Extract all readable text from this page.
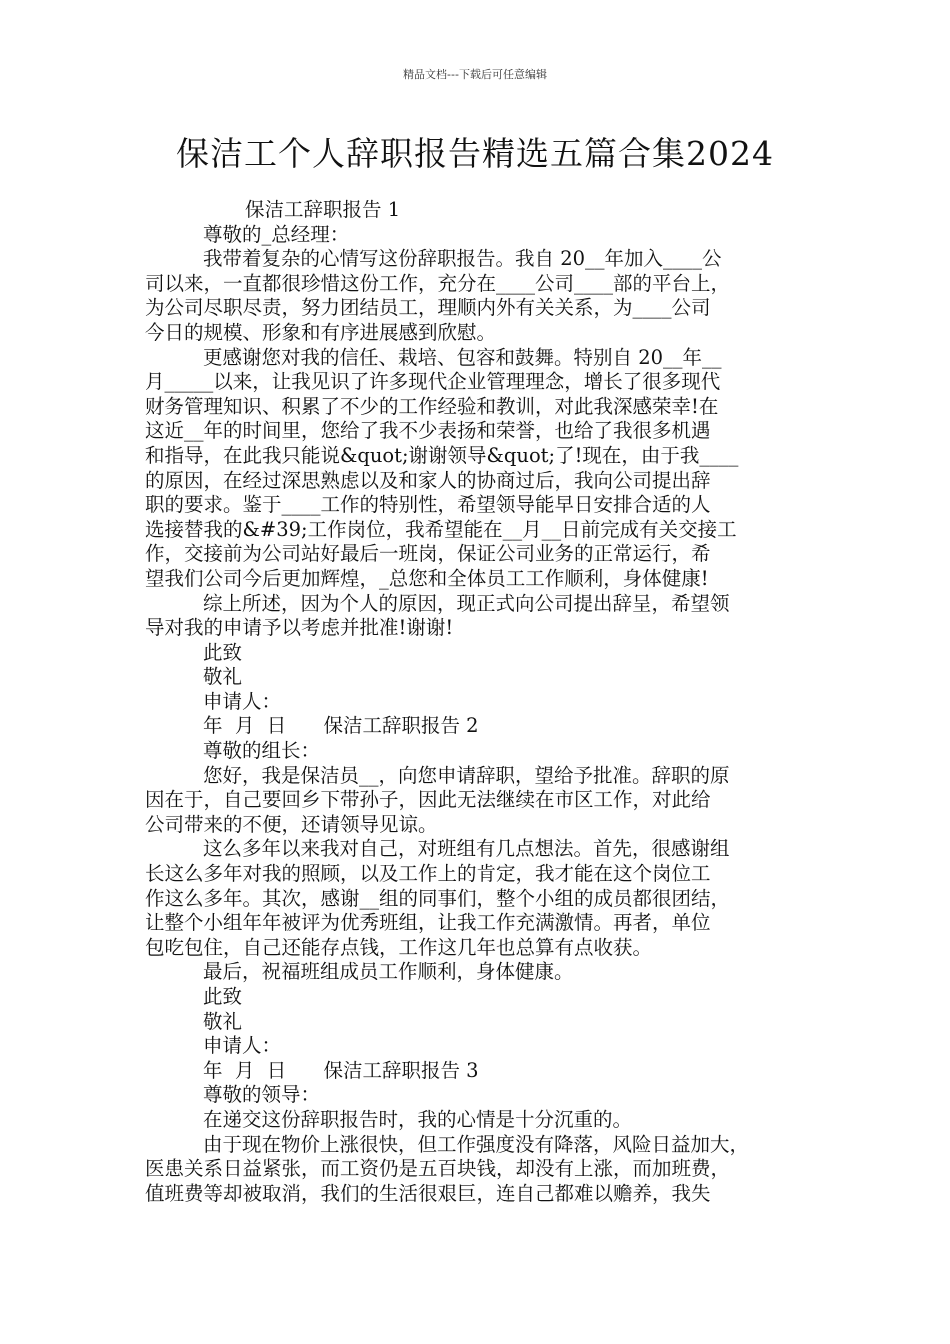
精品文档---下载后可任意编辑
保洁工个人辞职报告精选五篇合集2024
保洁工辞职报告 1
尊敬的_总经理：
我带着复杂的心情写这份辞职报告。我自 20__年加入____公
司以来，一直都很珍惜这份工作，充分在____公司____部的平台上，
为公司尽职尽责，努力团结员工，理顺内外有关关系，为____公司
今日的规模、形象和有序进展感到欣慰。
更感谢您对我的信任、栽培、包容和鼓舞。特别自 20__年__
月_____以来，让我见识了许多现代企业管理理念，增长了很多现代
财务管理知识、积累了不少的工作经验和教训，对此我深感荣幸!在
这近__年的时间里，您给了我不少表扬和荣誉，也给了我很多机遇
和指导，在此我只能说&quot;谢谢领导&quot;了!现在，由于我____
的原因，在经过深思熟虑以及和家人的协商过后，我向公司提出辞
职的要求。鉴于____工作的特别性，希望领导能早日安排合适的人
选接替我的&#39;工作岗位，我希望能在__月__日前完成有关交接工
作，交接前为公司站好最后一班岗，保证公司业务的正常运行，希
望我们公司今后更加辉煌，_总您和全体员工工作顺利，身体健康!
综上所述，因为个人的原因，现正式向公司提出辞呈，希望领
导对我的申请予以考虑并批准!谢谢!
此致
敬礼
申请人：
年  月  日      保洁工辞职报告 2
尊敬的组长：
您好，我是保洁员__，向您申请辞职，望给予批准。辞职的原
因在于，自己要回乡下带孙子，因此无法继续在市区工作，对此给
公司带来的不便，还请领导见谅。
这么多年以来我对自己，对班组有几点想法。首先，很感谢组
长这么多年对我的照顾，以及工作上的肯定，我才能在这个岗位工
作这么多年。其次，感谢__组的同事们，整个小组的成员都很团结，
让整个小组年年被评为优秀班组，让我工作充满激情。再者，单位
包吃包住，自己还能存点钱，工作这几年也总算有点收获。
最后，祝福班组成员工作顺利，身体健康。
此致
敬礼
申请人：
年  月  日      保洁工辞职报告 3
尊敬的领导：
在递交这份辞职报告时，我的心情是十分沉重的。
由于现在物价上涨很快，但工作强度没有降落，风险日益加大，
医患关系日益紧张，而工资仍是五百块钱，却没有上涨，而加班费，
值班费等却被取消，我们的生活很艰巨，连自己都难以赡养，我失
